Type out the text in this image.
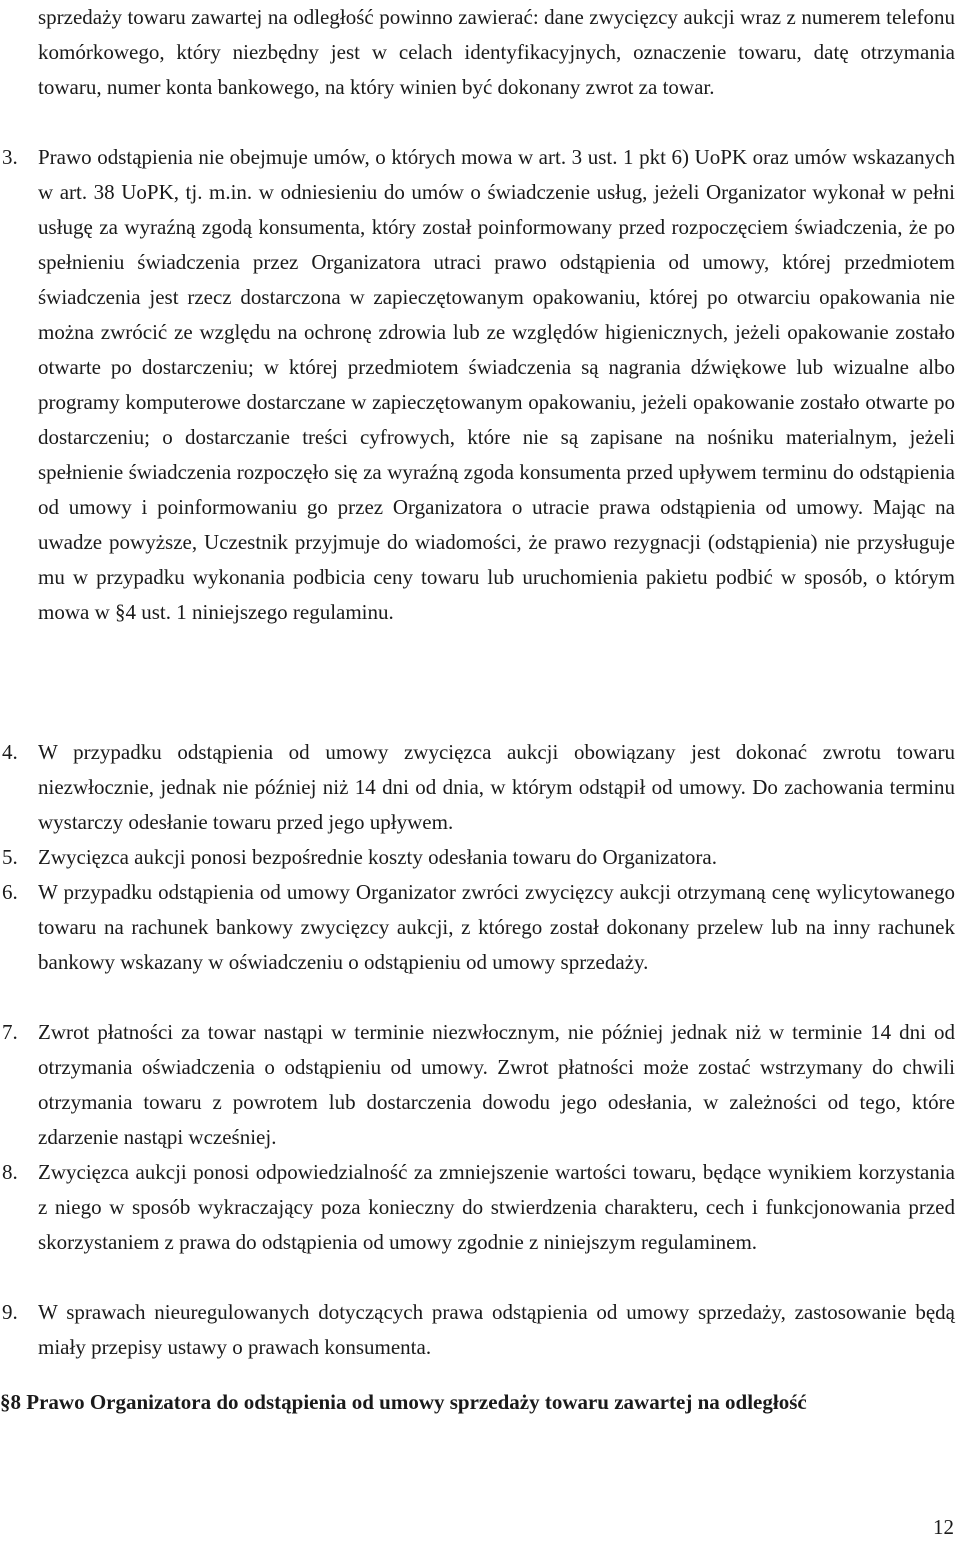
sprzedaży towaru zawartej na odległość powinno zawierać: dane zwycięzcy aukcji wraz z numerem telefonu komórkowego, który niezbędny jest w celach identyfikacyjnych, oznaczenie towaru, datę otrzymania towaru, numer konta bankowego, na który winien być dokonany zwrot za towar.

3. Prawo odstąpienia nie obejmuje umów, o których mowa w art. 3 ust. 1 pkt 6) UoPK oraz umów wskazanych w art. 38 UoPK, tj. m.in. w odniesieniu do umów o świadczenie usług, jeżeli Organizator wykonał w pełni usługę za wyraźną zgodą konsumenta, który został poinformowany przed rozpoczęciem świadczenia, że po spełnieniu świadczenia przez Organizatora utraci prawo odstąpienia od umowy, której przedmiotem świadczenia jest rzecz dostarczona w zapieczętowanym opakowaniu, której po otwarciu opakowania nie można zwrócić ze względu na ochronę zdrowia lub ze względów higienicznych, jeżeli opakowanie zostało otwarte po dostarczeniu; w której przedmiotem świadczenia są nagrania dźwiękowe lub wizualne albo programy komputerowe dostarczane w zapieczętowanym opakowaniu, jeżeli opakowanie zostało otwarte po dostarczeniu; o dostarczanie treści cyfrowych, które nie są zapisane na nośniku materialnym, jeżeli spełnienie świadczenia rozpoczęło się za wyraźną zgoda konsumenta przed upływem terminu do odstąpienia od umowy i poinformowaniu go przez Organizatora o utracie prawa odstąpienia od umowy. Mając na uwadze powyższe, Uczestnik przyjmuje do wiadomości, że prawo rezygnacji (odstąpienia) nie przysługuje mu w przypadku wykonania podbicia ceny towaru lub uruchomienia pakietu podbić w sposób, o którym mowa w §4 ust. 1 niniejszego regulaminu.

4. W przypadku odstąpienia od umowy zwycięzca aukcji obowiązany jest dokonać zwrotu towaru niezwłocznie, jednak nie później niż 14 dni od dnia, w którym odstąpił od umowy. Do zachowania terminu wystarczy odesłanie towaru przed jego upływem.

5. Zwycięzca aukcji ponosi bezpośrednie koszty odesłania towaru do Organizatora.

6. W przypadku odstąpienia od umowy Organizator zwróci zwycięzcy aukcji otrzymaną cenę wylicytowanego towaru na rachunek bankowy zwycięzcy aukcji, z którego został dokonany przelew lub na inny rachunek bankowy wskazany w oświadczeniu o odstąpieniu od umowy sprzedaży.

7. Zwrot płatności za towar nastąpi w terminie niezwłocznym, nie później jednak niż w terminie 14 dni od otrzymania oświadczenia o odstąpieniu od umowy. Zwrot płatności może zostać wstrzymany do chwili otrzymania towaru z powrotem lub dostarczenia dowodu jego odesłania, w zależności od tego, które zdarzenie nastąpi wcześniej.

8. Zwycięzca aukcji ponosi odpowiedzialność za zmniejszenie wartości towaru, będące wynikiem korzystania z niego w sposób wykraczający poza konieczny do stwierdzenia charakteru, cech i funkcjonowania przed skorzystaniem z prawa do odstąpienia od umowy zgodnie z niniejszym regulaminem.

9. W sprawach nieuregulowanych dotyczących prawa odstąpienia od umowy sprzedaży, zastosowanie będą miały przepisy ustawy o prawach konsumenta.

§8 Prawo Organizatora do odstąpienia od umowy sprzedaży towaru zawartej na odległość

12
